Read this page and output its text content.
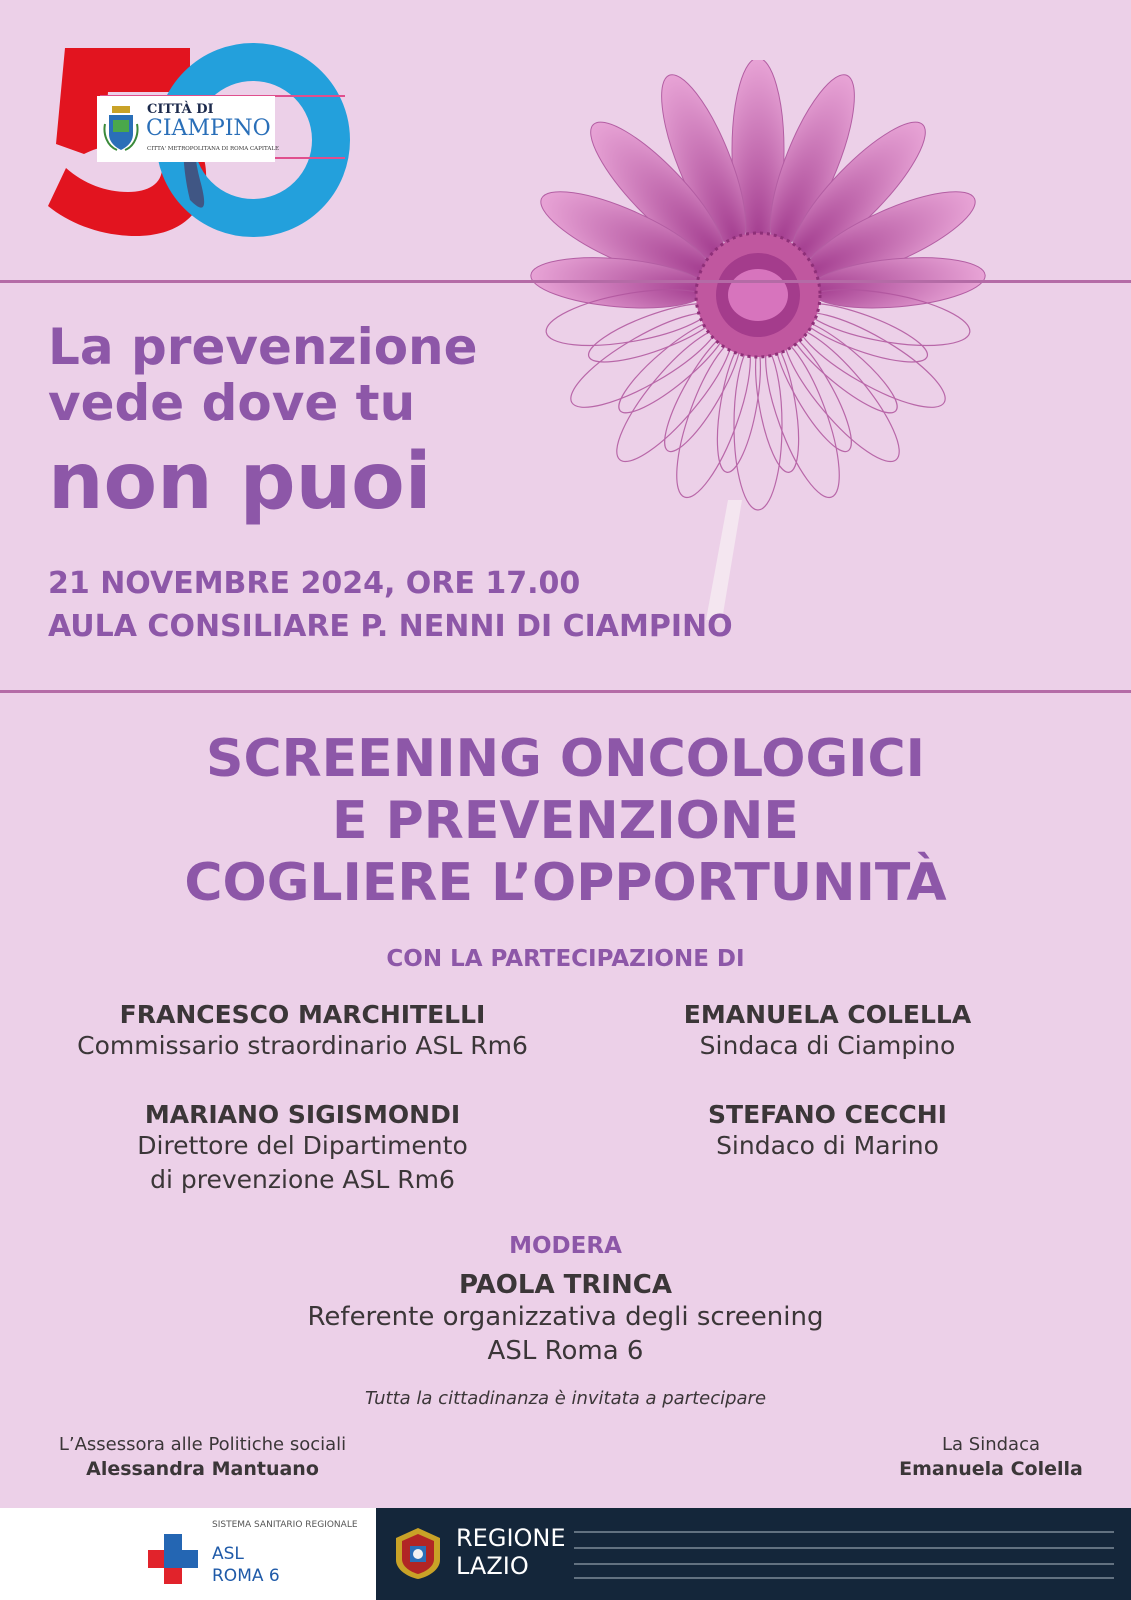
CITTÀ DI
CIAMPINO
CITTA' METROPOLITANA DI ROMA CAPITALE
La prevenzione
vede dove tu
non puoi
21 NOVEMBRE 2024, ORE 17.00
AULA CONSILIARE P. NENNI DI CIAMPINO
SCREENING ONCOLOGICI
E PREVENZIONE
COGLIERE L’OPPORTUNITÀ
CON LA PARTECIPAZIONE DI
FRANCESCO MARCHITELLI
Commissario straordinario ASL Rm6
EMANUELA COLELLA
Sindaca di Ciampino
MARIANO SIGISMONDI
Direttore del Dipartimento
di prevenzione ASL Rm6
STEFANO CECCHI
Sindaco di Marino
MODERA
PAOLA TRINCA
Referente organizzativa degli screening
ASL Roma 6
Tutta la cittadinanza è invitata a partecipare
L’Assessora alle Politiche sociali
Alessandra Mantuano
La Sindaca
Emanuela Colella
SISTEMA SANITARIO REGIONALE
ASL
ROMA 6
REGIONE
LAZIO
